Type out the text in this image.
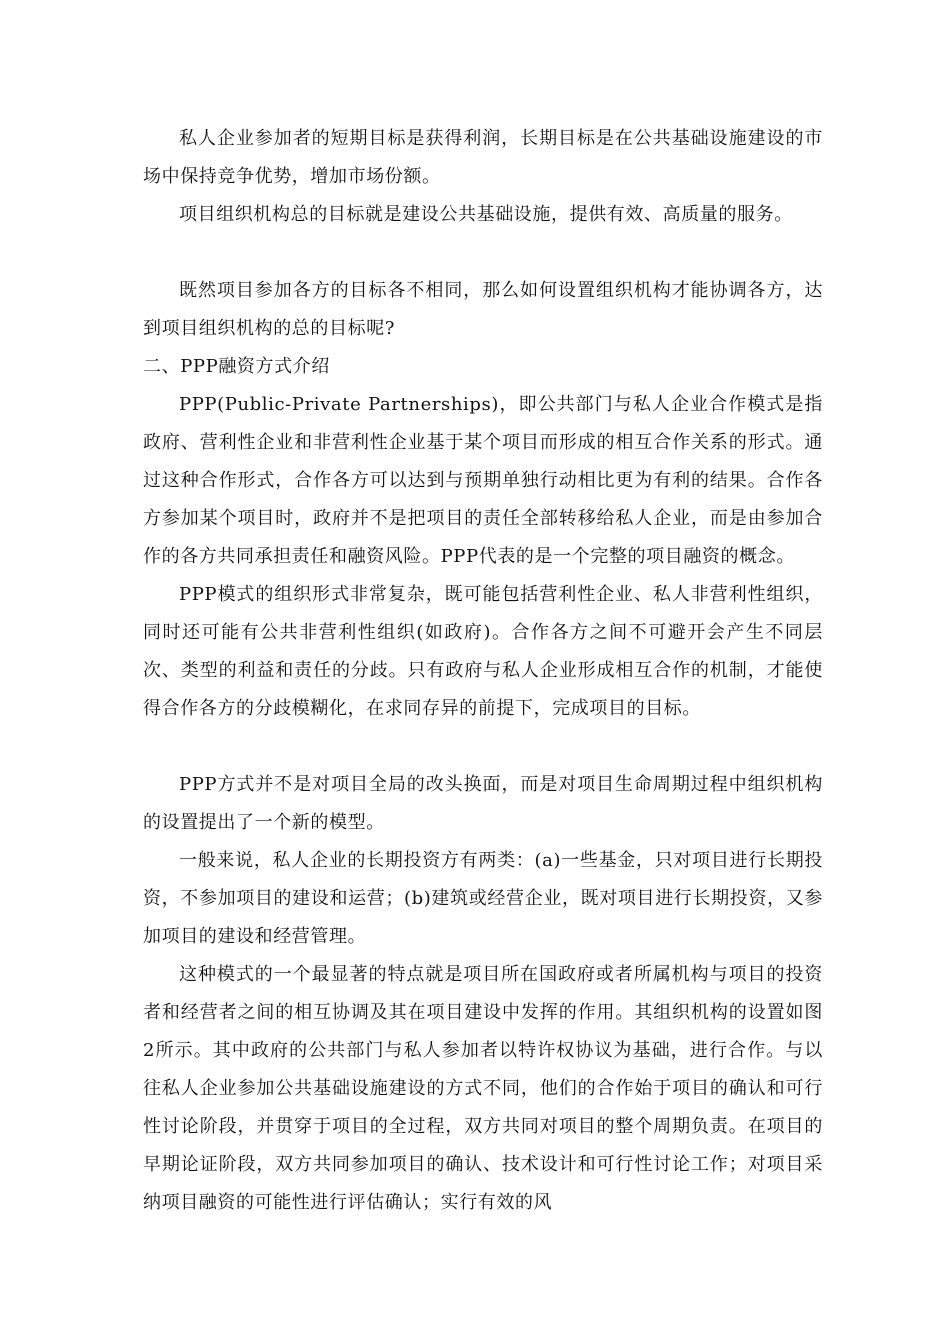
私人企业参加者的短期目标是获得利润，长期目标是在公共基础设施建设的市场中保持竞争优势，增加市场份额。

项目组织机构总的目标就是建设公共基础设施，提供有效、高质量的服务。

既然项目参加各方的目标各不相同，那么如何设置组织机构才能协调各方，达到项目组织机构的总的目标呢?

二、PPP融资方式介绍

PPP(Public-Private Partnerships)，即公共部门与私人企业合作模式是指政府、营利性企业和非营利性企业基于某个项目而形成的相互合作关系的形式。通过这种合作形式，合作各方可以达到与预期单独行动相比更为有利的结果。合作各方参加某个项目时，政府并不是把项目的责任全部转移给私人企业，而是由参加合作的各方共同承担责任和融资风险。PPP代表的是一个完整的项目融资的概念。

PPP模式的组织形式非常复杂，既可能包括营利性企业、私人非营利性组织，同时还可能有公共非营利性组织(如政府)。合作各方之间不可避开会产生不同层次、类型的利益和责任的分歧。只有政府与私人企业形成相互合作的机制，才能使得合作各方的分歧模糊化，在求同存异的前提下，完成项目的目标。

PPP方式并不是对项目全局的改头换面，而是对项目生命周期过程中组织机构的设置提出了一个新的模型。

一般来说，私人企业的长期投资方有两类：(a)一些基金，只对项目进行长期投资，不参加项目的建设和运营；(b)建筑或经营企业，既对项目进行长期投资，又参加项目的建设和经营管理。

这种模式的一个最显著的特点就是项目所在国政府或者所属机构与项目的投资者和经营者之间的相互协调及其在项目建设中发挥的作用。其组织机构的设置如图2所示。其中政府的公共部门与私人参加者以特许权协议为基础，进行合作。与以往私人企业参加公共基础设施建设的方式不同，他们的合作始于项目的确认和可行性讨论阶段，并贯穿于项目的全过程，双方共同对项目的整个周期负责。在项目的早期论证阶段，双方共同参加项目的确认、技术设计和可行性讨论工作；对项目采纳项目融资的可能性进行评估确认；实行有效的风
